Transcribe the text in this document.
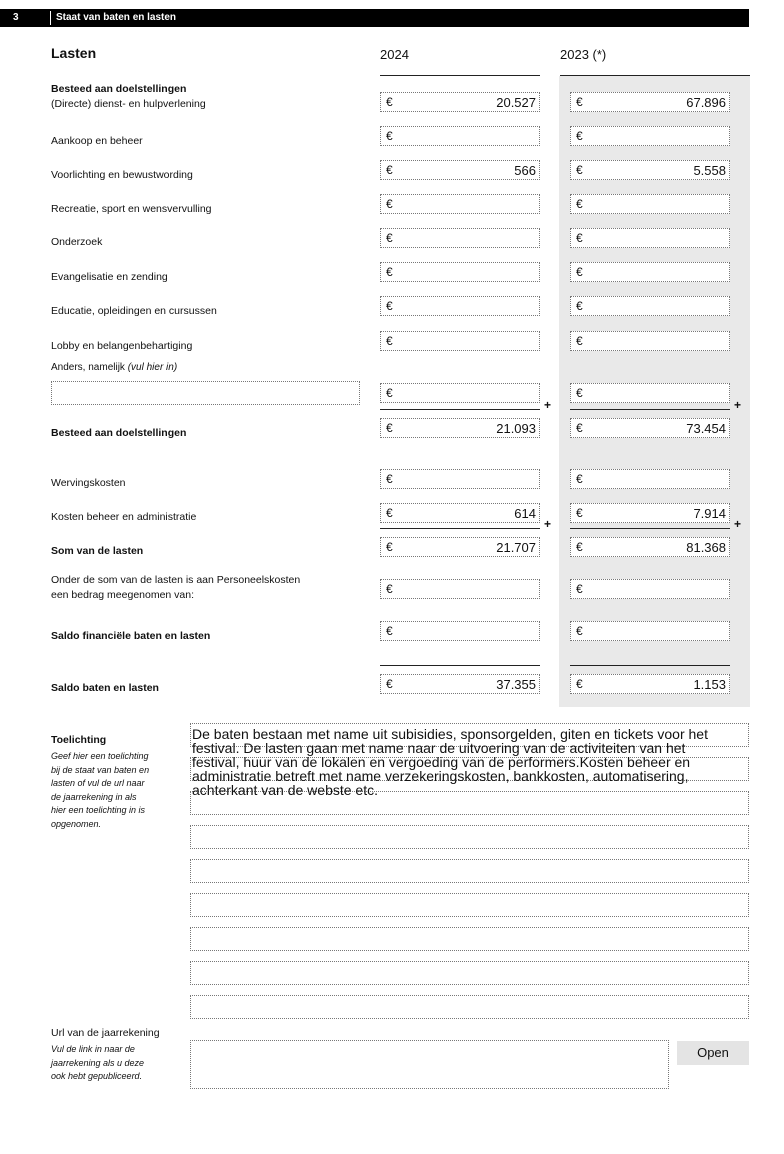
3	Staat van baten en lasten
Lasten	2024	2023 (*)
Besteed aan doelstellingen
(Directe) dienst- en hulpverlening	€	20.527	€	67.896
Aankoop en beheer	€	€
Voorlichting en bewustwording	€	566	€	5.558
Recreatie, sport en wensvervulling	€	€
Onderzoek	€	€
Evangelisatie en zending	€	€
Educatie, opleidingen en cursussen	€	€
Lobby en belangenbehartiging	€	€
Anders, namelijk (vul hier in)
€	€
+	+
Besteed aan doelstellingen	€	21.093	€	73.454
Wervingskosten	€	€
Kosten beheer en administratie	€	614	€	7.914
+	+
Som van de lasten	€	21.707	€	81.368
Onder de som van de lasten is aan Personeelskosten
een bedrag meegenomen van:	€	€
Saldo financiële baten en lasten	€	€
Saldo baten en lasten	€	37.355	€	1.153
Toelichting
Geef hier een toelichting
bij de staat van baten en
lasten of vul de url naar
de jaarrekening in als
hier een toelichting in is
opgenomen.
De baten bestaan met name uit subisidies, sponsorgelden, giten en tickets voor het
festival. De lasten gaan met name naar de uitvoering van de activiteiten van het
festival, huur van de lokalen en vergoeding van de performers.Kosten beheer en
administratie betreft met name verzekeringskosten, bankkosten, automatisering,
achterkant van de webste etc.
Url van de jaarrekening
Vul de link in naar de
jaarrekening als u deze
ook hebt gepubliceerd.
Open
